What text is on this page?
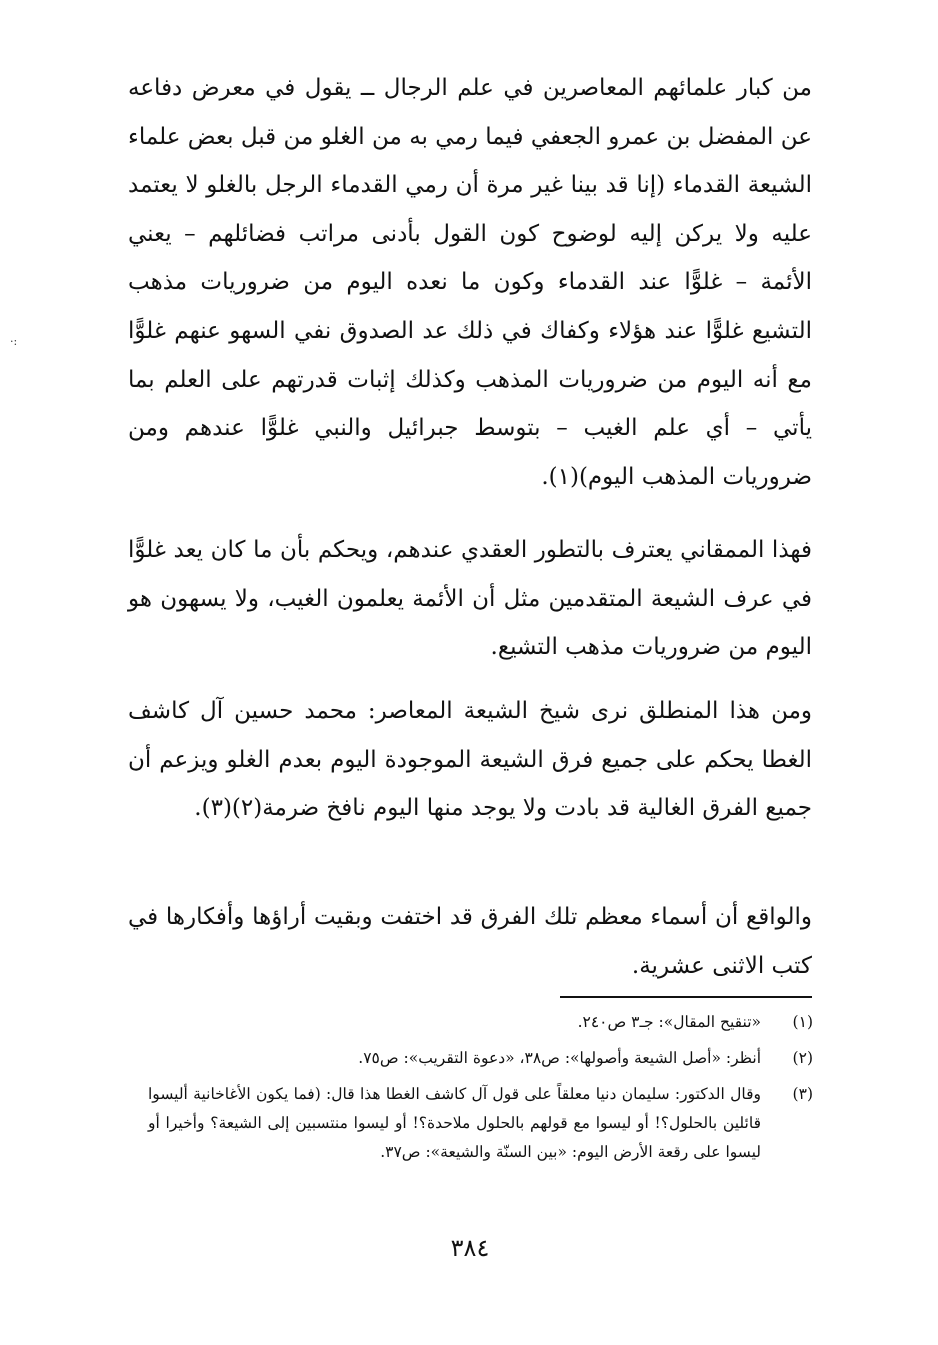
من كبار علمائهم المعاصرين في علم الرجال ــ يقول في معرض دفاعه عن المفضل بن عمرو الجعفي فيما رمي به من الغلو من قبل بعض علماء الشيعة القدماء (إنا قد بينا غير مرة أن رمي القدماء الرجل بالغلو لا يعتمد عليه ولا يركن إليه لوضوح كون القول بأدنى مراتب فضائلهم – يعني الأئمة – غلوًّا عند القدماء وكون ما نعده اليوم من ضروريات مذهب التشيع غلوًّا عند هؤلاء وكفاك في ذلك عد الصدوق نفي السهو عنهم غلوًّا مع أنه اليوم من ضروريات المذهب وكذلك إثبات قدرتهم على العلم بما يأتي – أي علم الغيب – بتوسط جبرائيل والنبي غلوًّا عندهم ومن ضروريات المذهب اليوم)(١).

فهذا الممقاني يعترف بالتطور العقدي عندهم، ويحكم بأن ما كان يعد غلوًّا في عرف الشيعة المتقدمين مثل أن الأئمة يعلمون الغيب، ولا يسهون هو اليوم من ضروريات مذهب التشيع.

ومن هذا المنطلق نرى شيخ الشيعة المعاصر: محمد حسين آل كاشف الغطا يحكم على جميع فرق الشيعة الموجودة اليوم بعدم الغلو ويزعم أن جميع الفرق الغالية قد بادت ولا يوجد منها اليوم نافخ ضرمة(٢)(٣).

والواقع أن أسماء معظم تلك الفرق قد اختفت وبقيت أراؤها وأفكارها في كتب الاثنى عشرية.

(١)
«تنقيح المقال»: جـ٣ ص٢٤٠.
(٢)
أنظر: «أصل الشيعة وأصولها»: ص٣٨، «دعوة التقريب»: ص٧٥.
(٣)
وقال الدكتور: سليمان دنيا معلقاً على قول آل كاشف الغطا هذا قال: (فما يكون الأغاخانية أليسوا قائلين بالحلول؟! أو ليسوا مع قولهم بالحلول ملاحدة؟! أو ليسوا منتسبين إلى الشيعة؟ وأخيرا أو ليسوا على رقعة الأرض اليوم: «بين السنّة والشيعة»: ص٣٧.

٣٨٤

·:
